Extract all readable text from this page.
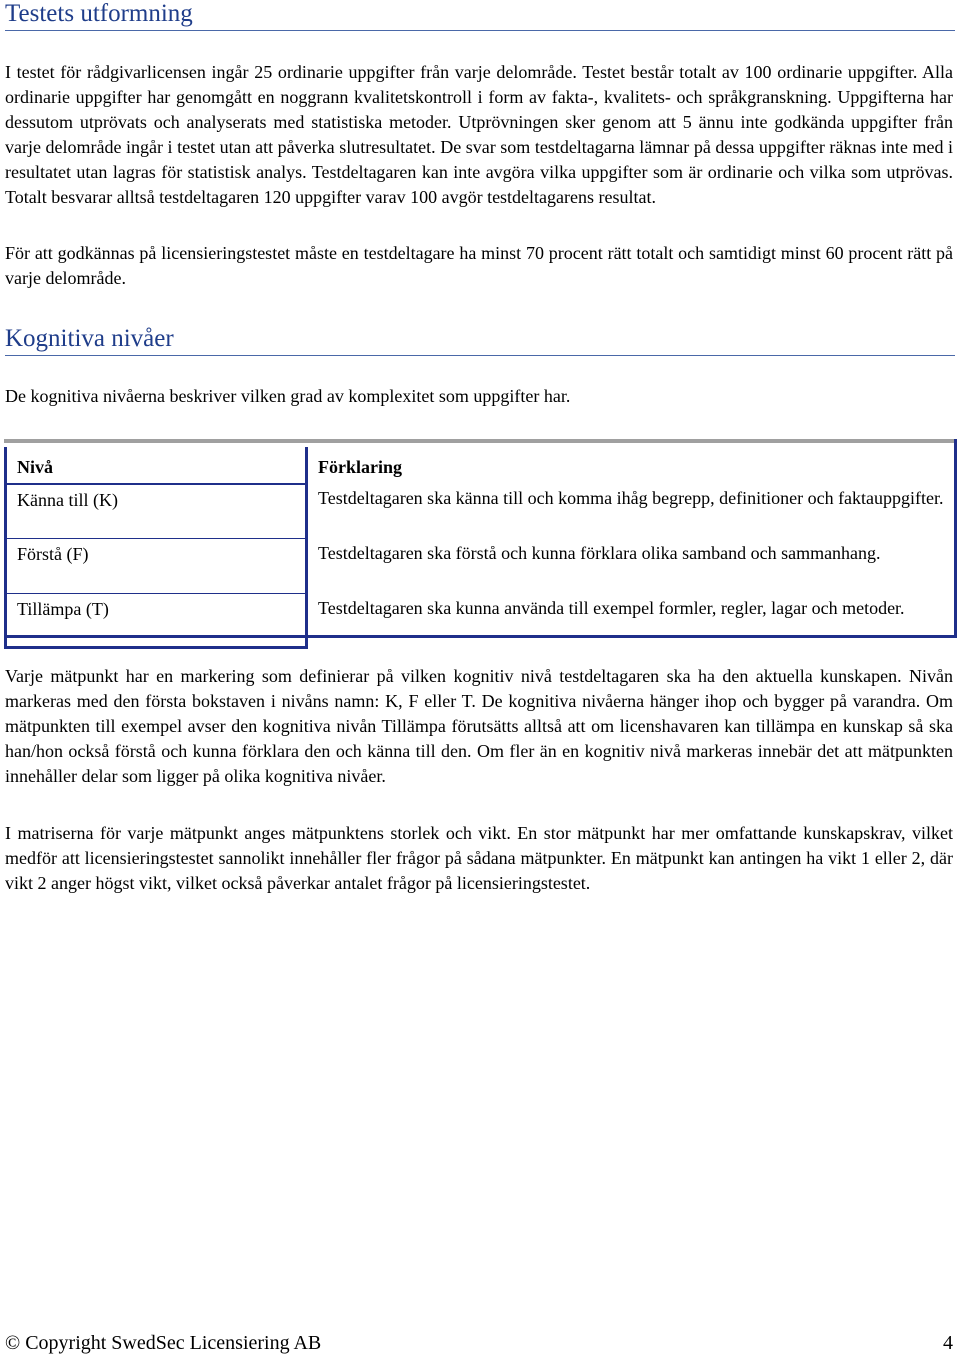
Testets utformning

I testet för rådgivarlicensen ingår 25 ordinarie uppgifter från varje delområde. Testet består totalt av 100 ordinarie uppgifter. Alla ordinarie uppgifter har genomgått en noggrann kvalitetskontroll i form av fakta-, kvalitets- och språkgranskning. Uppgifterna har dessutom utprövats och analyserats med statistiska metoder. Utprövningen sker genom att 5 ännu inte godkända uppgifter från varje delområde ingår i testet utan att påverka slutresultatet. De svar som testdeltagarna lämnar på dessa uppgifter räknas inte med i resultatet utan lagras för statistisk analys. Testdeltagaren kan inte avgöra vilka uppgifter som är ordinarie och vilka som utprövas. Totalt besvarar alltså testdeltagaren 120 uppgifter varav 100 avgör testdeltagarens resultat.

För att godkännas på licensieringstestet måste en testdeltagare ha minst 70 procent rätt totalt och samtidigt minst 60 procent rätt på varje delområde.

Kognitiva nivåer

De kognitiva nivåerna beskriver vilken grad av komplexitet som uppgifter har.

Nivå	Förklaring

Känna till (K)	Testdeltagaren ska känna till och komma ihåg begrepp, definitioner och faktauppgifter.

Förstå (F)	Testdeltagaren ska förstå och kunna förklara olika samband och sammanhang.

Tillämpa (T)	Testdeltagaren ska kunna använda till exempel formler, regler, lagar och metoder.

Varje mätpunkt har en markering som definierar på vilken kognitiv nivå testdeltagaren ska ha den aktuella kunskapen. Nivån markeras med den första bokstaven i nivåns namn: K, F eller T. De kognitiva nivåerna hänger ihop och bygger på varandra. Om mätpunkten till exempel avser den kognitiva nivån Tillämpa förutsätts alltså att om licenshavaren kan tillämpa en kunskap så ska han/hon också förstå och kunna förklara den och känna till den. Om fler än en kognitiv nivå markeras innebär det att mätpunkten innehåller delar som ligger på olika kognitiva nivåer.

I matriserna för varje mätpunkt anges mätpunktens storlek och vikt. En stor mätpunkt har mer omfattande kunskapskrav, vilket medför att licensieringstestet sannolikt innehåller fler frågor på sådana mätpunkter. En mätpunkt kan antingen ha vikt 1 eller 2, där vikt 2 anger högst vikt, vilket också påverkar antalet frågor på licensieringstestet.

© Copyright SwedSec Licensiering AB	4
